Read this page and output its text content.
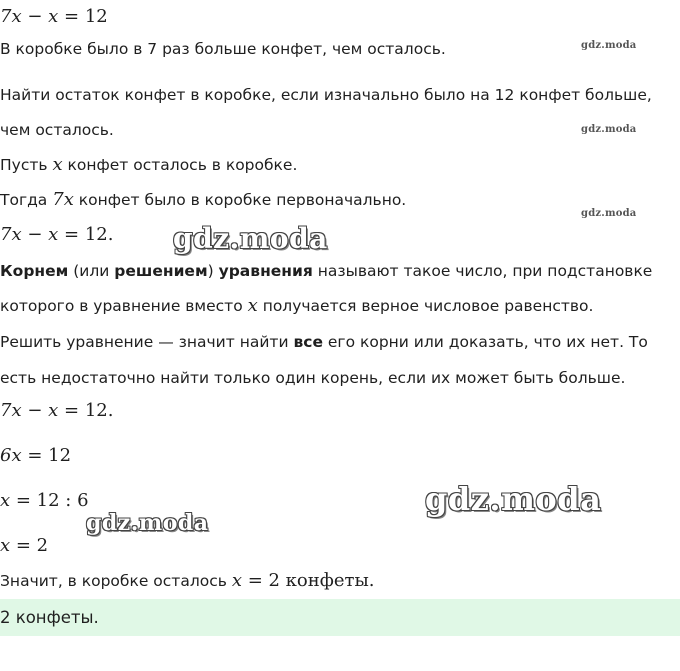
7x − x = 12
В коробке было в 7 раз больше конфет, чем осталось.	gdz.moda
Найти остаток конфет в коробке, если изначально было на 12 конфет больше,
чем осталось.	gdz.moda
Пусть x конфет осталось в коробке.
Тогда 7x конфет было в коробке первоначально.
gdz.moda
7x − x = 12. gdz.moda
Корнем (или решением) уравнения называют такое число, при подстановке
которого в уравнение вместо x получается верное числовое равенство.
Решить уравнение — значит найти все его корни или доказать, что их нет. То
есть недостаточно найти только один корень, если их может быть больше.
7x − x = 12.
6x = 12
x = 12 : 6	gdz.moda
gdz.moda
x = 2
Значит, в коробке осталось x = 2 конфеты.
2 конфеты.
